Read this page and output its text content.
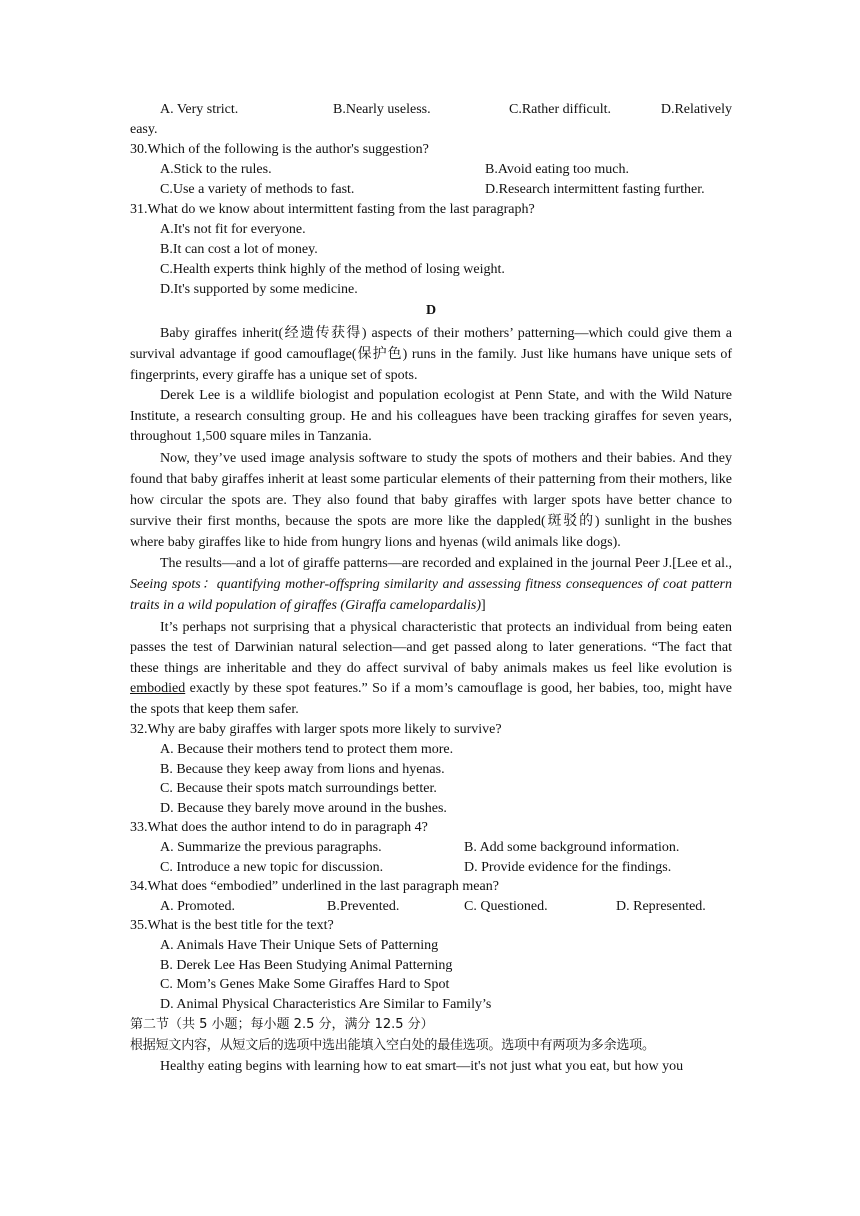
A. Very strict.	B.Nearly useless.	C.Rather difficult.	D.Relatively
easy.
30.Which of the following is the author's suggestion?
A.Stick to the rules.	B.Avoid eating too much.
C.Use a variety of methods to fast.	D.Research intermittent fasting further.
31.What do we know about intermittent fasting from the last paragraph?
A.It's not fit for everyone.
B.It can cost a lot of money.
C.Health experts think highly of the method of losing weight.
D.It's supported by some medicine.
D
Baby giraffes inherit(经遗传获得) aspects of their mothers’ patterning—which could give them a survival advantage if good camouflage(保护色) runs in the family. Just like humans have unique sets of fingerprints, every giraffe has a unique set of spots.
Derek Lee is a wildlife biologist and population ecologist at Penn State, and with the Wild Nature Institute, a research consulting group. He and his colleagues have been tracking giraffes for seven years, throughout 1,500 square miles in Tanzania.
Now, they’ve used image analysis software to study the spots of mothers and their babies. And they found that baby giraffes inherit at least some particular elements of their patterning from their mothers, like how circular the spots are. They also found that baby giraffes with larger spots have better chance to survive their first months, because the spots are more like the dappled(斑驳的) sunlight in the bushes where baby giraffes like to hide from hungry lions and hyenas (wild animals like dogs).
The results—and a lot of giraffe patterns—are recorded and explained in the journal Peer J.[Lee et al., Seeing spots：quantifying mother-offspring similarity and assessing fitness consequences of coat pattern traits in a wild population of giraffes (Giraffa camelopardalis)]
It’s perhaps not surprising that a physical characteristic that protects an individual from being eaten passes the test of Darwinian natural selection—and get passed along to later generations. “The fact that these things are inheritable and they do affect survival of baby animals makes us feel like evolution is embodied exactly by these spot features.” So if a mom’s camouflage is good, her babies, too, might have the spots that keep them safer.
32.Why are baby giraffes with larger spots more likely to survive?
A. Because their mothers tend to protect them more.
B. Because they keep away from lions and hyenas.
C. Because their spots match surroundings better.
D. Because they barely move around in the bushes.
33.What does the author intend to do in paragraph 4?
A. Summarize the previous paragraphs.	B. Add some background information.
C. Introduce a new topic for discussion.	D. Provide evidence for the findings.
34.What does “embodied” underlined in the last paragraph mean?
A. Promoted.	B.Prevented.	C. Questioned.	D. Represented.
35.What is the best title for the text?
A. Animals Have Their Unique Sets of Patterning
B. Derek Lee Has Been Studying Animal Patterning
C. Mom’s Genes Make Some Giraffes Hard to Spot
D. Animal Physical Characteristics Are Similar to Family’s
第二节（共 5 小题；每小题 2.5 分，满分 12.5 分）
根据短文内容，从短文后的选项中选出能填入空白处的最佳选项。选项中有两项为多余选项。
Healthy eating begins with learning how to eat smart—it's not just what you eat, but how you
